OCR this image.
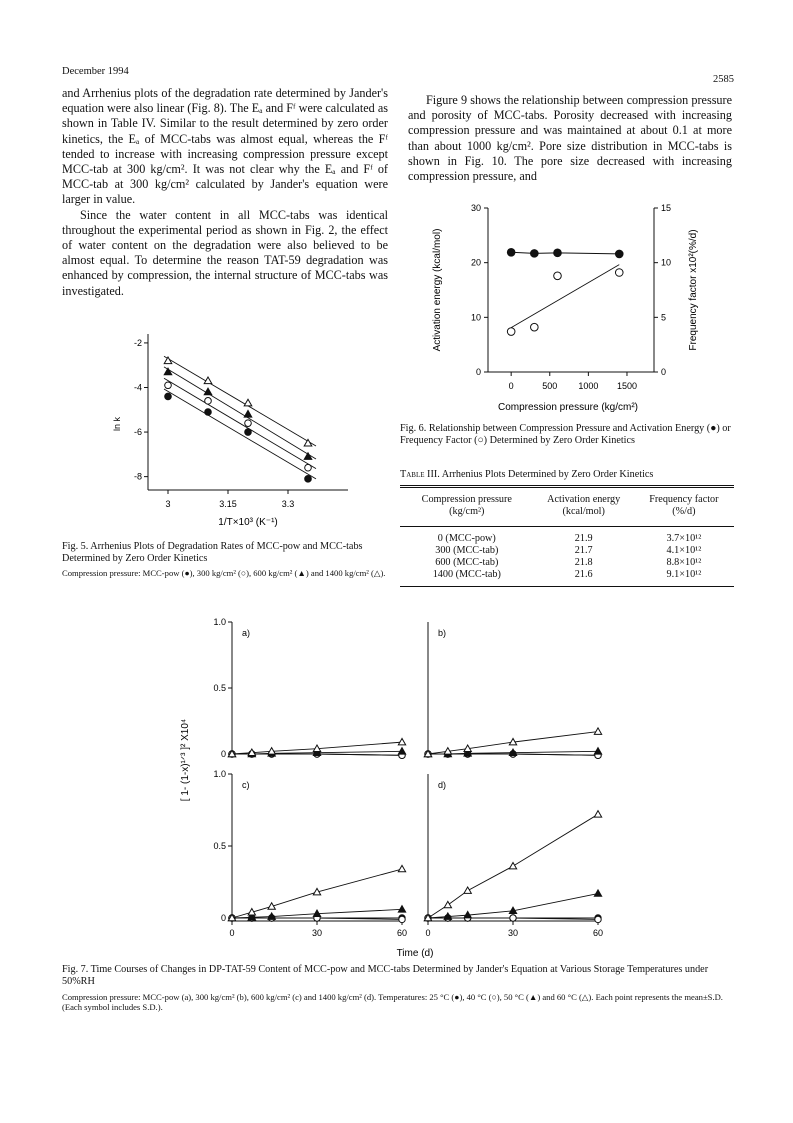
December 1994
2585

and Arrhenius plots of the degradation rate determined by Jander's equation were also linear (Fig. 8). The Eₐ and Fᶠ were calculated as shown in Table IV. Similar to the result determined by zero order kinetics, the Eₐ of MCC-tabs was almost equal, whereas the Fᶠ tended to increase with increasing compression pressure except MCC-tab at 300 kg/cm². It was not clear why the Eₐ and Fᶠ of MCC-tab at 300 kg/cm² calculated by Jander's equation were larger in value.

Since the water content in all MCC-tabs was identical throughout the experimental period as shown in Fig. 2, the effect of water content on the degradation were also believed to be almost equal. To determine the reason TAT-59 degradation was enhanced by compression, the internal structure of MCC-tabs was investigated.

Figure 9 shows the relationship between compression pressure and porosity of MCC-tabs. Porosity decreased with increasing compression pressure and was maintained at about 0.1 at more than about 1000 kg/cm². Pore size distribution in MCC-tabs is shown in Fig. 10. The pore size decreased with increasing compression pressure, and

3	3.15	3.3
-2
-4
-6
-8
ln k
1/T×10³ (K⁻¹)
Fig. 5. Arrhenius Plots of Degradation Rates of MCC-pow and MCC-tabs Determined by Zero Order Kinetics
Compression pressure: MCC-pow (●), 300 kg/cm² (○), 600 kg/cm² (▲) and 1400 kg/cm² (△).
0	500 1000 1500
0
10
20
30
0
5
10
15
Activation energy (kcal/mol)	Frequency factor x10²(%/d)
Compression pressure (kg/cm²)
Fig. 6. Relationship between Compression Pressure and Activation Energy (●) or Frequency Factor (○) Determined by Zero Order Kinetics
Table III. Arrhenius Plots Determined by Zero Order Kinetics
Compression pressure
(kg/cm²)

Activation energy
(kcal/mol)

Frequency factor
(%/d)
0 (MCC-pow)	21.9	3.7×10¹²
300 (MCC-tab)	21.7	4.1×10¹²
600 (MCC-tab)	21.8	8.8×10¹²
1400 (MCC-tab)	21.6	9.1×10¹²
1.0
0.5
0
a)	b)
0	30	60
1.0
0.5
0
c)
0	30	60
d)
[ 1- (1-x)¹ᐟ³ ]² X10⁴
Time (d)
Fig. 7. Time Courses of Changes in DP-TAT-59 Content of MCC-pow and MCC-tabs Determined by Jander's Equation at Various Storage Temperatures under 50%RH
Compression pressure: MCC-pow (a), 300 kg/cm² (b), 600 kg/cm² (c) and 1400 kg/cm² (d). Temperatures: 25 °C (●), 40 °C (○), 50 °C (▲) and 60 °C (△). Each point represents the mean±S.D. (Each symbol includes S.D.).
